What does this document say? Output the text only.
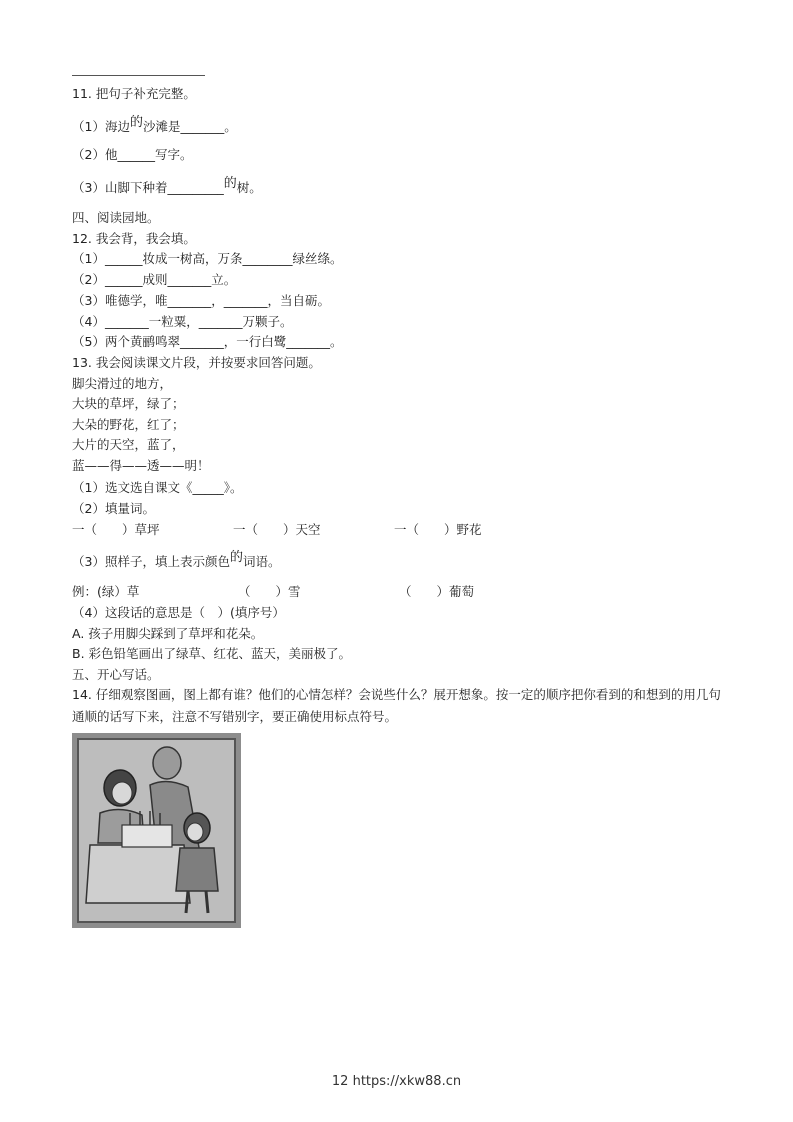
11. 把句子补充完整。
（1）海边的沙滩是_______。
（2）他______写字。
（3）山脚下种着_________的树。
四、阅读园地。
12. 我会背，我会填。
（1）______妆成一树高，万条________绿丝绦。
（2）______成则_______立。
（3）唯德学，唯_______，_______，当自砺。
（4）_______一粒粟，_______万颗子。
（5）两个黄鹂鸣翠_______，一行白鹭_______。
13. 我会阅读课文片段，并按要求回答问题。
脚尖滑过的地方，
大块的草坪，绿了；
大朵的野花，红了；
大片的天空，蓝了，
蓝——得——透——明！
（1）选文选自课文《_____》。
（2）填量词。
一（　　）草坪	一（　　）天空	一（　　）野花
（3）照样子，填上表示颜色的词语。
例：(绿）草	（　　）雪	（　　）葡萄
（4）这段话的意思是（　）(填序号）
A. 孩子用脚尖踩到了草坪和花朵。
B. 彩色铅笔画出了绿草、红花、蓝天，美丽极了。
五、开心写话。
14. 仔细观察图画，图上都有谁？他们的心情怎样？会说些什么？展开想象。按一定的顺序把你看到的和想到的用几句通顺的话写下来，注意不写错别字，要正确使用标点符号。
12 https://xkw88.cn
